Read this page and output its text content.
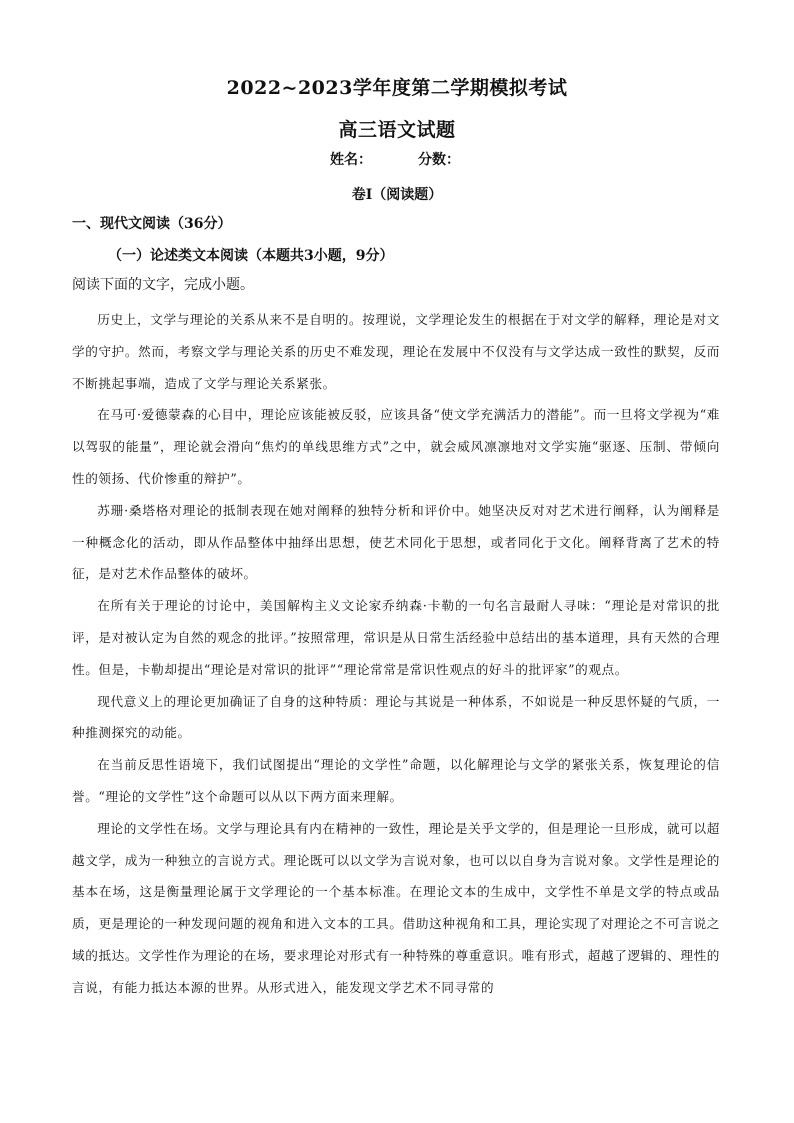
2022~2023学年度第二学期模拟考试
高三语文试题
姓名：	分数：
卷Ⅰ（阅读题）
一、现代文阅读（36分）
（一）论述类文本阅读（本题共3小题，9分）
阅读下面的文字，完成小题。

历史上，文学与理论的关系从来不是自明的。按理说，文学理论发生的根据在于对文学的解释，理论是对文学的守护。然而，考察文学与理论关系的历史不难发现，理论在发展中不仅没有与文学达成一致性的默契，反而不断挑起事端，造成了文学与理论关系紧张。

在马可·爱德蒙森的心目中，理论应该能被反驳，应该具备“使文学充满活力的潜能”。而一旦将文学视为“难以驾驭的能量”，理论就会滑向“焦灼的单线思维方式”之中，就会威风凛凛地对文学实施“驱逐、压制、带倾向性的领扬、代价惨重的辩护”。

苏珊·桑塔格对理论的抵制表现在她对阐释的独特分析和评价中。她坚决反对对艺术进行阐释，认为阐释是一种概念化的活动，即从作品整体中抽绎出思想，使艺术同化于思想，或者同化于文化。阐释背离了艺术的特征，是对艺术作品整体的破坏。

在所有关于理论的讨论中，美国解构主义文论家乔纳森·卡勒的一句名言最耐人寻味：“理论是对常识的批评，是对被认定为自然的观念的批评。”按照常理，常识是从日常生活经验中总结出的基本道理，具有天然的合理性。但是，卡勒却提出“理论是对常识的批评”“理论常常是常识性观点的好斗的批评家”的观点。

现代意义上的理论更加确证了自身的这种特质：理论与其说是一种体系，不如说是一种反思怀疑的气质，一种推测探究的动能。

在当前反思性语境下，我们试图提出“理论的文学性”命题，以化解理论与文学的紧张关系，恢复理论的信誉。“理论的文学性”这个命题可以从以下两方面来理解。

理论的文学性在场。文学与理论具有内在精神的一致性，理论是关乎文学的，但是理论一旦形成，就可以超越文学，成为一种独立的言说方式。理论既可以以文学为言说对象，也可以以自身为言说对象。文学性是理论的基本在场，这是衡量理论属于文学理论的一个基本标准。在理论文本的生成中，文学性不单是文学的特点或品质，更是理论的一种发现问题的视角和进入文本的工具。借助这种视角和工具，理论实现了对理论之不可言说之域的抵达。文学性作为理论的在场，要求理论对形式有一种特殊的尊重意识。唯有形式，超越了逻辑的、理性的言说，有能力抵达本源的世界。从形式进入，能发现文学艺术不同寻常的
